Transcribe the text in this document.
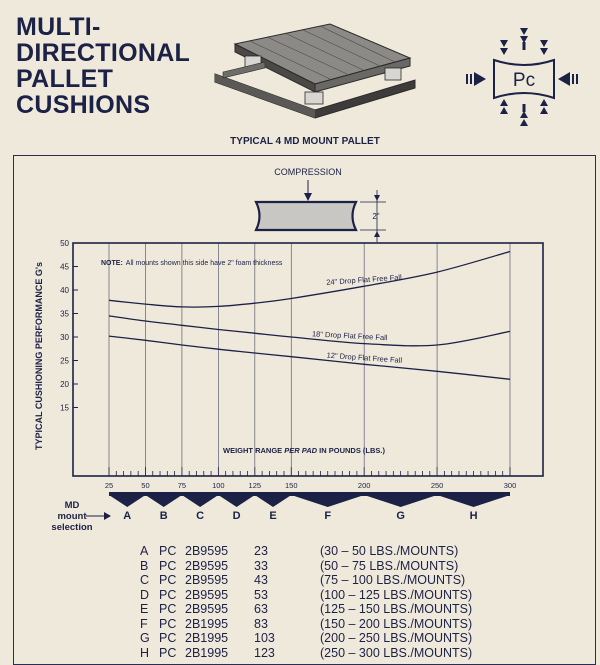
MULTI-
DIRECTIONAL
PALLET
CUSHIONS
Pc
TYPICAL 4 MD MOUNT PALLET
COMPRESSION
2"
15
20
25
30
35
40
45
50
25	50	75	100	125	150	200	250	300
24" Drop Flat Free Fall
18" Drop Flat Free Fall
12" Drop Flat Free Fall
NOTE: All mounts shown this side have 2" foam thickness
WEIGHT RANGE PER PAD IN POUNDS (LBS.)
TYPICAL CUSHIONING PERFORMANCE G's
A	B	C	D	E	F	G	H
MD
mount
selection
A PC 2B9595 23	(30 – 50 LBS./MOUNTS)
B PC 2B9595 33	(50 – 75 LBS./MOUNTS)
C PC 2B9595 43	(75 – 100 LBS./MOUNTS)
D PC 2B9595 53	(100 – 125 LBS./MOUNTS)
E PC 2B9595 63	(125 – 150 LBS./MOUNTS)
F PC 2B1995 83	(150 – 200 LBS./MOUNTS)
G PC 2B1995 103	(200 – 250 LBS./MOUNTS)
H PC 2B1995 123	(250 – 300 LBS./MOUNTS)
